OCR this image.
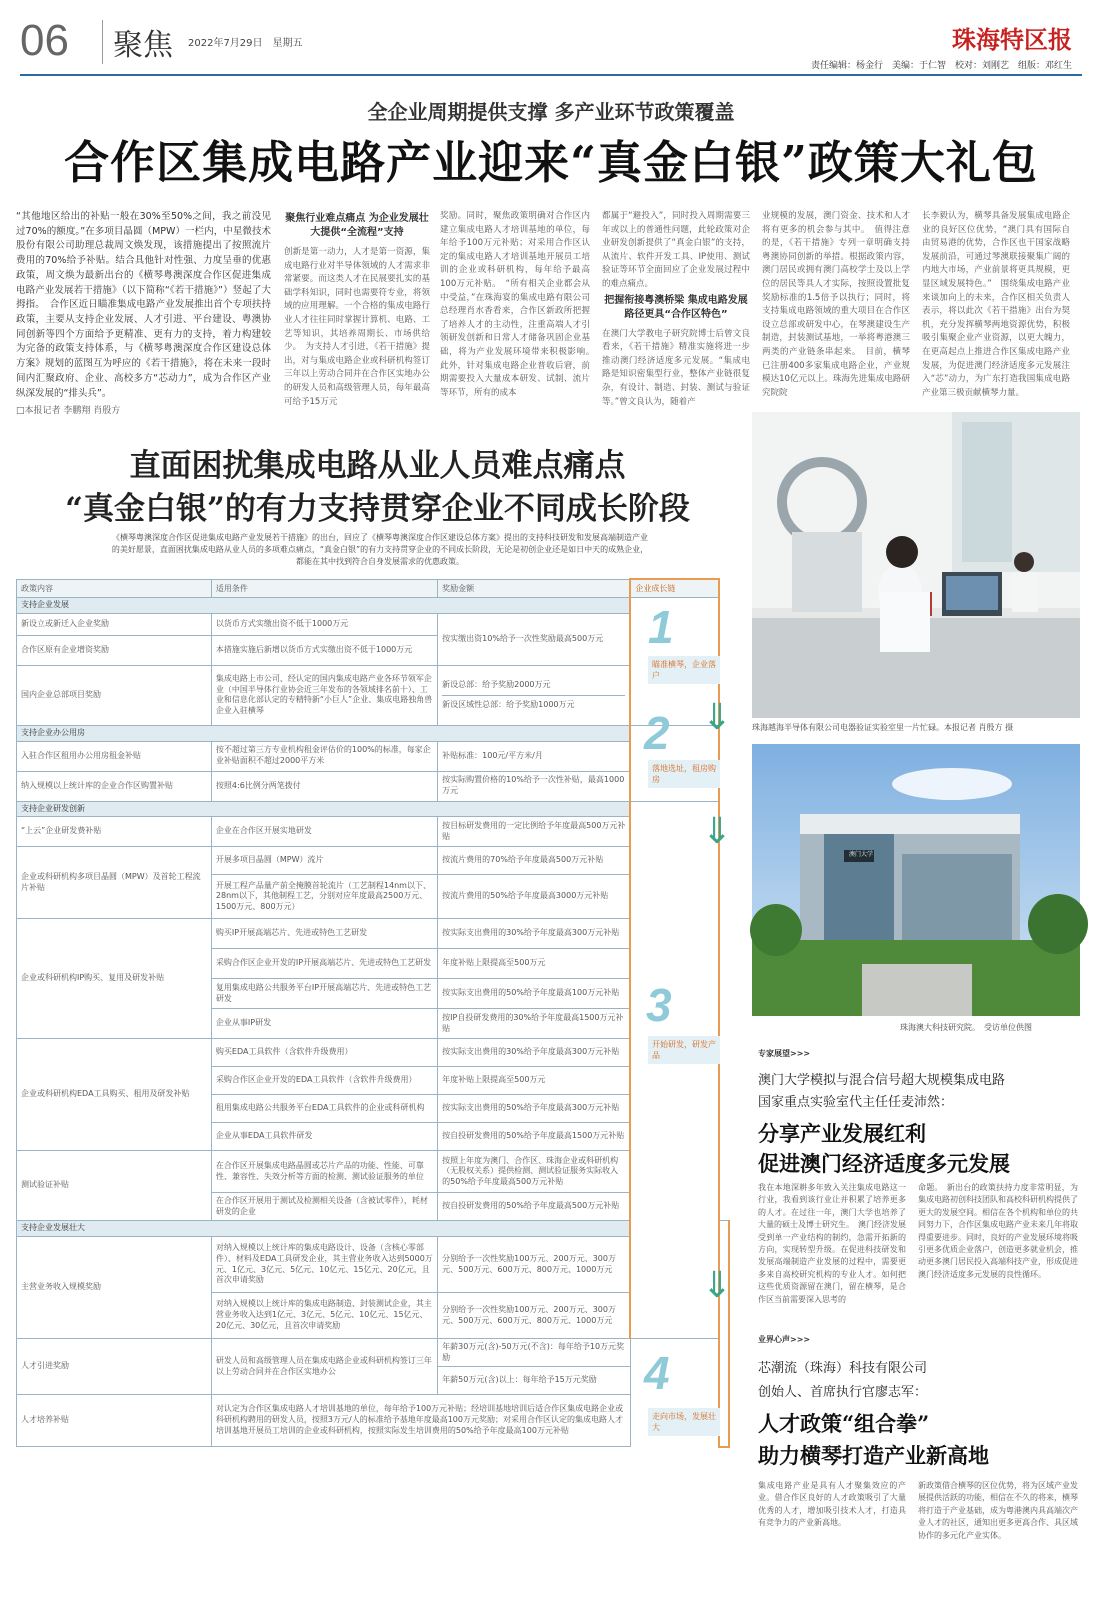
06	聚焦 2022年7月29日　 星期五	珠海特区报
责任编辑：杨金行　美编：于仁智　校对：刘刚艺　组版：邓红生
全企业周期提供支撑 多产业环节政策覆盖
合作区集成电路产业迎来“真金白银”政策大礼包
“其他地区给出的补贴一般在30%至50%之间，我之前没见过70%的额度。”在多项目晶圆（MPW）一栏内，中星微技术股份有限公司助理总裁周文焕发现，该措施提出了按照流片费用的70%给予补贴。结合具他针对性强、力度呈垂的优惠政策，周文焕为最新出台的《横琴粤澳深度合作区促进集成电路产业发展若干措施》（以下简称“《若干措施》”）竖起了大拇指。　合作区近日瞄准集成电路产业发展推出首个专项扶持政策，主要从支持企业发展、人才引进、平台建设、粤澳协同创新等四个方面给予更精准、更有力的支持，着力构建较为完备的政策支持体系，与《横琴粤澳深度合作区建设总体方案》规划的蓝图互为呼应的《若干措施》，将在未来一段时间内汇聚政府、企业、高校多方“芯动力”，成为合作区产业纵深发展的“排头兵”。
□本报记者 李鹏翔 肖殷方
聚焦行业难点痛点 为企业发展壮大提供“全流程”支持
创新是第一动力，人才是第一资源，集成电路行业对半导体领域的人才需求非常紧要。而这类人才在民展要扎实的基础学科知识，同时也需要符专业，将领域的应用理解。一个合格的集成电路行业人才往往同时掌握计算机、电路、工艺等知识，其培养周期长、市场供给少。　为支持人才引进，《若干措施》提出，对与集成电路企业或科研机构签订三年以上劳动合同并在合作区实地办公的研发人员和高级管理人员，每年最高可给予15万元
奖励。同时，聚焦政策明确对合作区内建立集成电路人才培训基地的单位，每年给予100万元补贴；对采用合作区认定的集成电路人才培训基地开展员工培训的企业或科研机构，每年给予最高100万元补贴。　“所有相关企业都会从中受益，”在珠海宴的集成电路有限公司总经理肖水香看来，合作区新政所把握了培养人才的主动性，注重高端人才引领研发创新和日常人才储备巩固企业基础，将为产业发展环境带来积极影响。　此外，针对集成电路企业普收后窘，前期需要投入大量成本研发、试制、流片等环节，所有的成本
都属于“避投入”，同时投入周期需要三年或以上的普通性问题，此轮政策对企业研发创新提供了“真金白银”的支持，从流片、软件开发工具、IP使用、测试验证等环节全面回应了企业发展过程中的难点痛点。
把握衔接粤澳桥梁 集成电路发展路径更具“合作区特色”
在澳门大学教电子研究院博士后曾文良看来，《若干措施》精准实施将进一步推动澳门经济适度多元发展。“集成电路是知识密集型行业，整体产业链很复杂，有设计、制造、封装、测试与验证等。”曾文良认为，随着产
业规模的发展，澳门资金、技术和人才将有更多的机会参与其中。　值得注意的是，《若干措施》专列一章明确支持粤澳协同创新的举措。根据政策内容，澳门居民或拥有澳门高校学士及以上学位的居民等具人才实际，按照设置批复奖励标准的1.5倍予以执行；同时，将支持集成电路领域的重大项目在合作区设立总部或研发中心，在琴澳建设生产制造，封装测试基地，一举将粤港澳三两类的产业链条串起来。　目前，横琴已注册400多家集成电路企业，产业规模达10亿元以上。珠海先进集成电路研究院院
长李毅认为，横琴具备发展集成电路企业的良好区位优势，“澳门具有国际自由贸易港的优势，合作区也干国家战略发展前沿，可通过琴澳联接聚集广阔的内地大市场，产业前景将更具规模，更显区域发展特色。”　围绕集成电路产业来谈加向上的未来，合作区相关负责人表示，将以此次《若干措施》出台为契机，充分发挥横琴两地资源优势，积极吸引集聚企业产业资源，以更大魄力，在更高起点上推进合作区集成电路产业发展，为促进澳门经济适度多元发展注入“芯”动力，为广东打造我国集成电路产业第三极贡献横琴力量。
直面困扰集成电路从业人员难点痛点
“真金白银”的有力支持贯穿企业不同成长阶段
《横琴粤澳深度合作区促进集成电路产业发展若干措施》的出台，回应了《横琴粤澳深度合作区建设总体方案》提出的支持科技研发和发展高端制造产业的美好愿景，直面困扰集成电路从业人员的多项难点痛点，“真金白银”的有力支持贯穿企业的不同成长阶段，无论是初创企业还是如日中天的成熟企业，都能在其中找到符合自身发展需求的优惠政策。
政策内容	适用条件	奖励金额	企业成长链	
支持企业发展				
新设立或新迁入企业奖励	以货币方式实缴出资不低于1000万元	按实缴出资10%给予一次性奖励最高500万元		
合作区原有企业增资奖励	本措施实施后新增以货币方式实缴出资不低于1000万元			
国内企业总部项目奖励	集成电路上市公司、经认定的国内集成电路产业各环节领军企业（中国半导体行业协会近三年发布的各领域排名前十）、工业和信息化部认定的专精特新“小巨人”企业、集成电路独角兽企业入驻横琴	新设总部：给予奖励2000万元
新设区域性总部：给予奖励1000万元		

支持企业办公用房				
入驻合作区租用办公用房租金补贴	按不超过第三方专业机构租金评估价的100%的标准，每家企业补贴面积不超过2000平方米	补贴标准：100元/平方米/月		
纳入规模以上统计库的企业合作区购置补贴	按照4:6比例分两笔拨付	按实际购置价格的10%给予一次性补贴，最高1000万元		
支持企业研发创新				
“上云”企业研发费补贴	企业在合作区开展实地研发	按目标研发费用的一定比例给予年度最高500万元补贴		
企业或科研机构多项目晶圆（MPW）及首轮工程流片补贴	开展多项目晶圆（MPW）流片	按流片费用的70%给予年度最高500万元补贴		
	开展工程产品量产前全掩膜首轮流片（工艺制程14nm以下、28nm以下，其他制程工艺，分别对应年度最高2500万元、1500万元、800万元）	按流片费用的50%给予年度最高3000万元补贴		
企业或科研机构IP购买、复用及研发补贴	购买IP开展高端芯片、先进或特色工艺研发	按实际支出费用的30%给予年度最高300万元补贴		
	采购合作区企业开发的IP开展高端芯片、先进或特色工艺研发	年度补贴上限提高至500万元		
	复用集成电路公共服务平台IP开展高端芯片、先进或特色工艺研发	按实际支出费用的50%给予年度最高100万元补贴		
	企业从事IP研发	按IP自投研发费用的30%给予年度最高1500万元补贴		
企业或科研机构EDA工具购买、租用及研发补贴	购买EDA工具软件（含软件升级费用）	按实际支出费用的30%给予年度最高300万元补贴		
	采购合作区企业开发的EDA工具软件（含软件升级费用）	年度补贴上限提高至500万元		
	租用集成电路公共服务平台EDA工具软件的企业或科研机构	按实际支出费用的50%给予年度最高300万元补贴		
	企业从事EDA工具软件研发	按自投研发费用的50%给予年度最高1500万元补贴		
测试验证补贴	在合作区开展集成电路晶圆或芯片产品的功能、性能、可靠性、兼容性、失效分析等方面的检测、测试验证服务的单位	按照上年度为澳门、合作区、珠海企业或科研机构（无股权关系）提供检测、测试验证服务实际收入的50%给予年度最高500万元补贴		
	在合作区开展用于测试及检测相关设备（含被试零件），耗材研发的企业	按自投研发费用的50%给予年度最高500万元补贴		
支持企业发展壮大				
主营业务收入规模奖励	对纳入规模以上统计库的集成电路设计、设备（含核心零部件）、材料及EDA工具研发企业，其主营业务收入达到5000万元、1亿元、3亿元、5亿元、10亿元、15亿元、20亿元，且首次申请奖励	分别给予一次性奖励100万元、200万元、300万元、500万元、600万元、800万元、1000万元		
	对纳入规模以上统计库的集成电路制造、封装测试企业，其主营业务收入达到1亿元、3亿元、5亿元、10亿元、15亿元、20亿元、30亿元，且首次申请奖励	分别给予一次性奖励100万元、200万元、300万元、500万元、600万元、800万元、1000万元		
人才引进奖励	研发人员和高级管理人员在集成电路企业或科研机构签订三年以上劳动合同并在合作区实地办公	年薪30万元(含)-50万元(不含)：每年给予10万元奖励		
		年薪50万元(含)以上：每年给予15万元奖励		
人才培养补贴	对认定为合作区集成电路人才培训基地的单位，每年给予100万元补贴；经培训基地培训后适合作区集成电路企业或科研机构聘用的研发人员，按照3万元/人的标准给予基地年度最高100万元奖励；对采用合作区认定的集成电路人才培训基地开展员工培训的企业或科研机构，按照实际发生培训费用的50%给予年度最高100万元补贴			
1
瞄准横琴，企业落户
2 ⇓
落地选址，租房购房
⇓
3
开始研发，研发产品
⇓
4
走向市场，发展壮大
珠海越海半导体有限公司电器验证实验室里一片忙碌。本报记者 肖殷方 摄
澳门大学
珠海澳大科技研究院。　受访单位供图
专家展望>>>
澳门大学模拟与混合信号超大规模集成电路
国家重点实验室代主任任麦沛然：
分享产业发展红利
促进澳门经济适度多元发展
我在本地深耕多年致入关注集成电路这一行业，我看到该行业让并积累了培养更多的人才。在过往一年，澳门大学也培养了大量的硕士及博士研究生。　澳门经济发展受到单一产业结构的制约，急需开拓新的方向，实现转型升级。在促进科技研发和发展高端制造产业发展的过程中，需要更多来自高校研究机构的专业人才。如何把这些优质资源留在澳门，留在横琴，是合作区当前需要深入思考的
命题。　新出台的政策扶持力度非常明显，为集成电路初创科技团队和高校科研机构提供了更大的发展空间。相信在各个机构和单位的共同努力下，合作区集成电路产业未来几年将取得重要进步。同时，良好的产业发展环境将吸引更多优质企业落户，创造更多就业机会，推动更多澳门居民投入高端科技产业，形成促进澳门经济适度多元发展的良性循环。
业界心声>>>
芯潮流（珠海）科技有限公司
创始人、首席执行官廖志军：
人才政策“组合拳”
助力横琴打造产业新高地
集成电路产业是具有人才聚集效应的产业。借合作区良好的人才政策吸引了大量优秀的人才，增加吸引技术人才，打造具有竞争力的产业新高地。
新政策借合横琴的区位优势，将为区域产业发展提供活跃的功能，相信在不久的将来，横琴将打造于产业基础，成为粤港澳内具高端次产业人才的社区，通知出更多更高合作、具区域协作的多元化产业实体。
